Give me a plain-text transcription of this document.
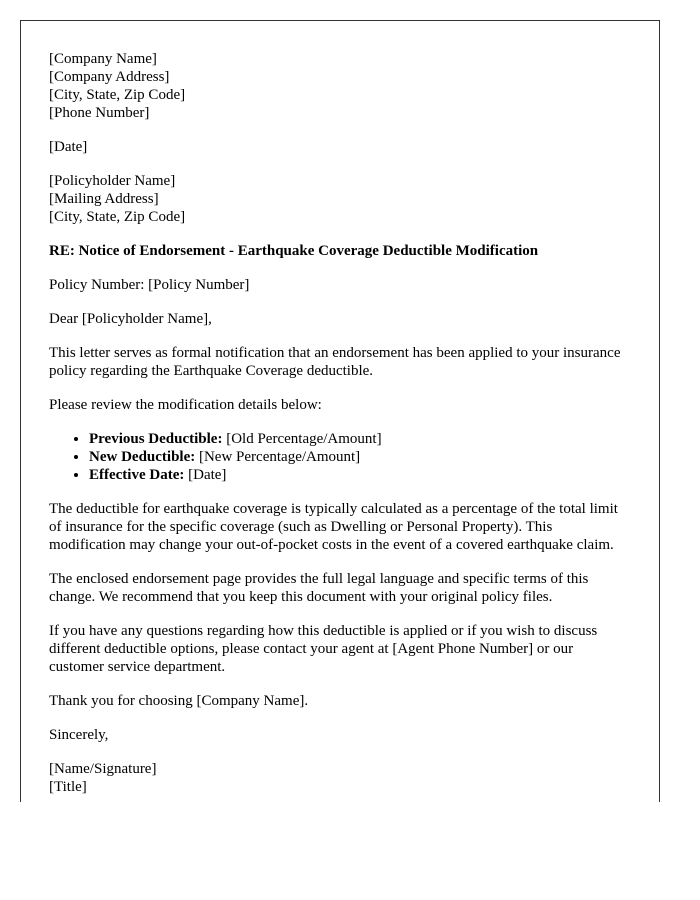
[Company Name]
[Company Address]
[City, State, Zip Code]
[Phone Number]
[Date]
[Policyholder Name]
[Mailing Address]
[City, State, Zip Code]
RE: Notice of Endorsement - Earthquake Coverage Deductible Modification
Policy Number: [Policy Number]
Dear [Policyholder Name],
This letter serves as formal notification that an endorsement has been applied to your insurance policy regarding the Earthquake Coverage deductible.
Please review the modification details below:
• Previous Deductible: [Old Percentage/Amount]
• New Deductible: [New Percentage/Amount]
• Effective Date: [Date]
The deductible for earthquake coverage is typically calculated as a percentage of the total limit of insurance for the specific coverage (such as Dwelling or Personal Property). This modification may change your out-of-pocket costs in the event of a covered earthquake claim.
The enclosed endorsement page provides the full legal language and specific terms of this change. We recommend that you keep this document with your original policy files.
If you have any questions regarding how this deductible is applied or if you wish to discuss different deductible options, please contact your agent at [Agent Phone Number] or our customer service department.
Thank you for choosing [Company Name].
Sincerely,
[Name/Signature]
[Title]
